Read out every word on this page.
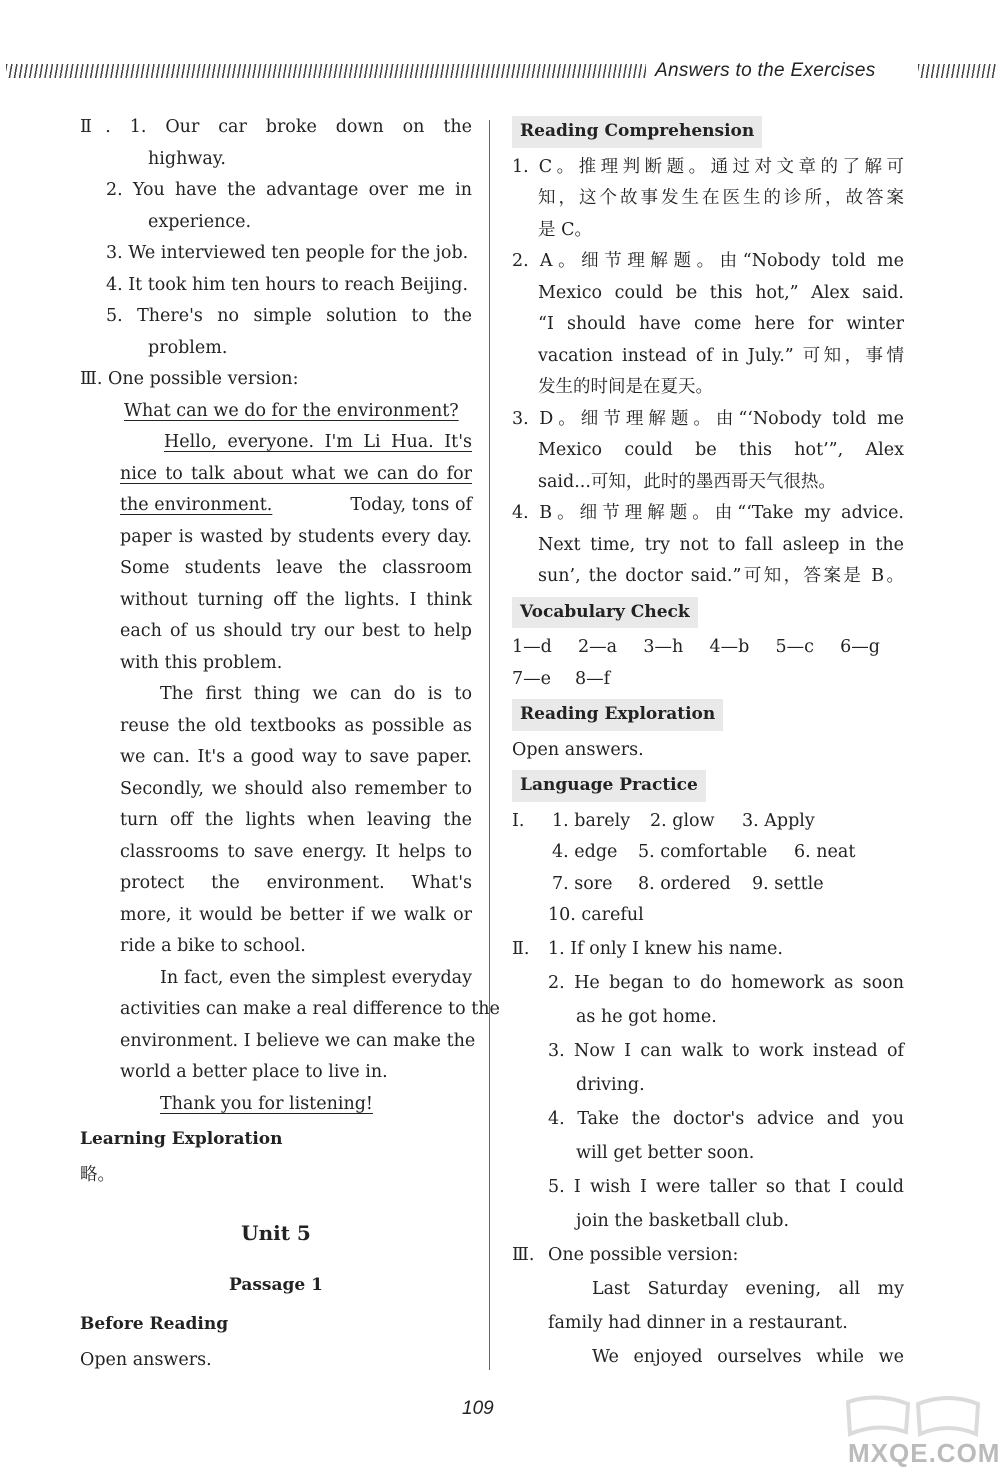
Answers to the Exercises
Ⅱ. 1. Our car broke down on the
highway.
2. You have the advantage over me in
experience.
3. We interviewed ten people for the job.
4. It took him ten hours to reach Beijing.
5. There's no simple solution to the
problem.
Ⅲ. One possible version:
What can we do for the environment?
Hello, everyone. I'm Li Hua. It's
nice to talk about what we can do for
the environment.	Today, tons of
paper is wasted by students every day.
Some students leave the classroom
without turning off the lights. I think
each of us should try our best to help
with this problem.
The first thing we can do is to
reuse the old textbooks as possible as
we can. It's a good way to save paper.
Secondly, we should also remember to
turn off the lights when leaving the
classrooms to save energy. It helps to
protect the environment. What's
more, it would be better if we walk or
ride a bike to school.
In fact, even the simplest everyday
activities can make a real difference to the
environment. I believe we can make the
world a better place to live in.
Thank you for listening!
Learning Exploration
略。
Unit 5
Passage 1
Before Reading
Open answers.
Reading Comprehension
1. C。推理判断题。通过对文章的了解可
知，这个故事发生在医生的诊所，故答案
是 C。
2. A。细节理解题。由“Nobody told me
Mexico could be this hot,” Alex said.
“I should have come here for winter
vacation instead of in July.” 可知，事情
发生的时间是在夏天。
3. D。细节理解题。由“‘Nobody told me
Mexico could be this hot’”, Alex
said...可知，此时的墨西哥天气很热。
4. B。细节理解题。由“‘Take my advice.
Next time, try not to fall asleep in the
sun’, the doctor said.”可知，答案是 B。
Vocabulary Check
1—d 2—a 3—h 4—b 5—c 6—g
7—e 8—f
Reading Exploration
Open answers.
Language Practice
Ⅰ.	1. barely	2. glow	3. Apply
4. edge	5. comfortable	6. neat
7. sore	8. ordered	9. settle
10. careful
Ⅱ. 1. If only I knew his name.
2. He began to do homework as soon
as he got home.
3. Now I can walk to work instead of
driving.
4. Take the doctor's advice and you
will get better soon.
5. I wish I were taller so that I could
join the basketball club.
Ⅲ. One possible version:
Last Saturday evening, all my
family had dinner in a restaurant.
We enjoyed ourselves while we
109
MXQE.COM
